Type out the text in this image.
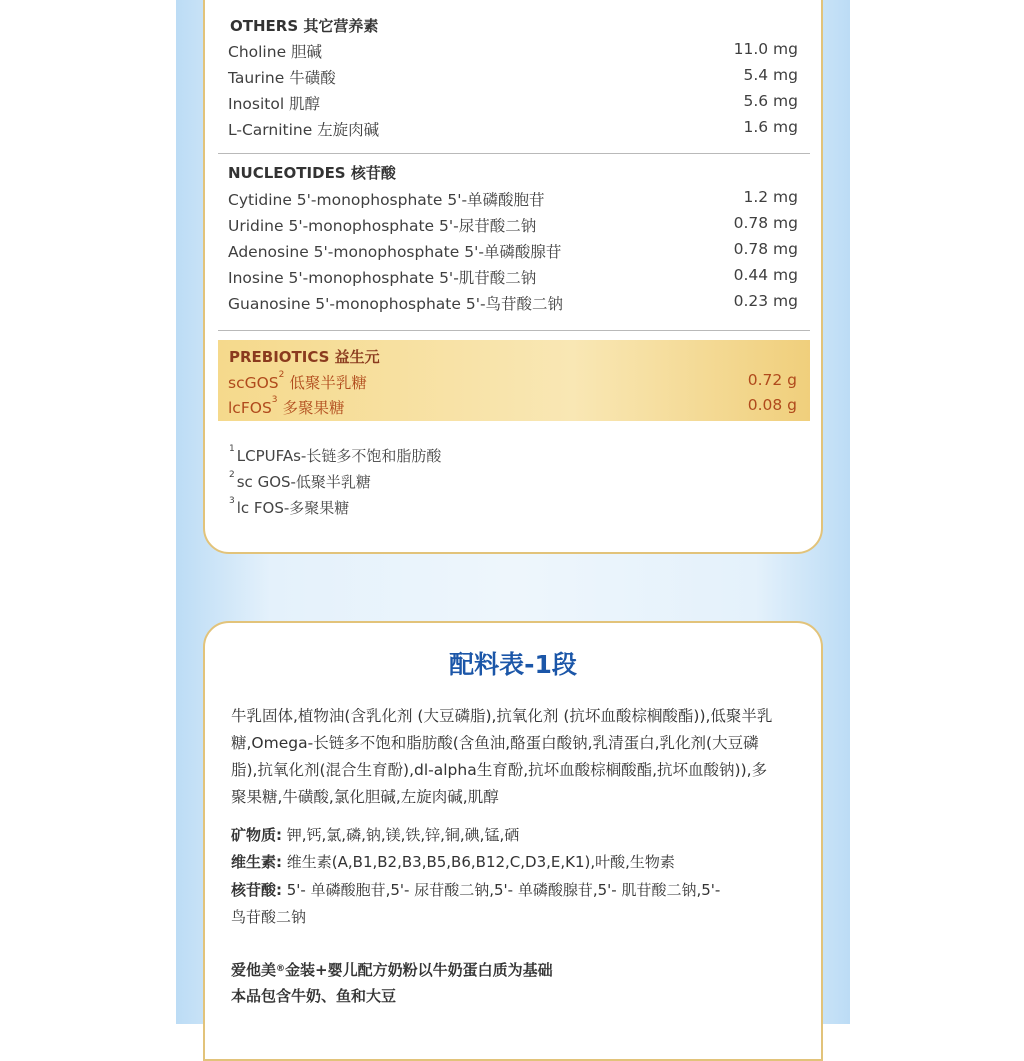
OTHERS 其它营养素
Choline 胆碱	11.0 mg
Taurine 牛磺酸	5.4 mg
Inositol 肌醇	5.6 mg
L-Carnitine 左旋肉碱	1.6 mg
NUCLEOTIDES 核苷酸
Cytidine 5'-monophosphate 5'-单磷酸胞苷	1.2 mg
Uridine 5'-monophosphate 5'-尿苷酸二钠	0.78 mg
Adenosine 5'-monophosphate 5'-单磷酸腺苷	0.78 mg
Inosine 5'-monophosphate 5'-肌苷酸二钠	0.44 mg
Guanosine 5'-monophosphate 5'-鸟苷酸二钠	0.23 mg
PREBIOTICS 益生元
scGOS$^2$ 低聚半乳糖	0.72 g
lcFOS$^3$ 多聚果糖	0.08 g
$^1$ LCPUFAs-长链多不饱和脂肪酸
$^2$ sc GOS-低聚半乳糖
$^3$ lc FOS-多聚果糖
配料表-1段

牛乳固体,植物油(含乳化剂 (大豆磷脂),抗氧化剂 (抗坏血酸棕榈酸酯)),低聚半乳

糖,Omega-长链多不饱和脂肪酸(含鱼油,酪蛋白酸钠,乳清蛋白,乳化剂(大豆磷

脂),抗氧化剂(混合生育酚),dl-alpha生育酚,抗坏血酸棕榈酸酯,抗坏血酸钠)),多

聚果糖,牛磺酸,氯化胆碱,左旋肉碱,肌醇

矿物质: 钾,钙,氯,磷,钠,镁,铁,锌,铜,碘,锰,硒
维生素: 维生素(A,B1,B2,B3,B5,B6,B12,C,D3,E,K1),叶酸,生物素
核苷酸: 5'- 单磷酸胞苷,5'- 尿苷酸二钠,5'- 单磷酸腺苷,5'- 肌苷酸二钠,5'-
鸟苷酸二钠
爱他美®金装+婴儿配方奶粉以牛奶蛋白质为基础
本品包含牛奶、鱼和大豆
